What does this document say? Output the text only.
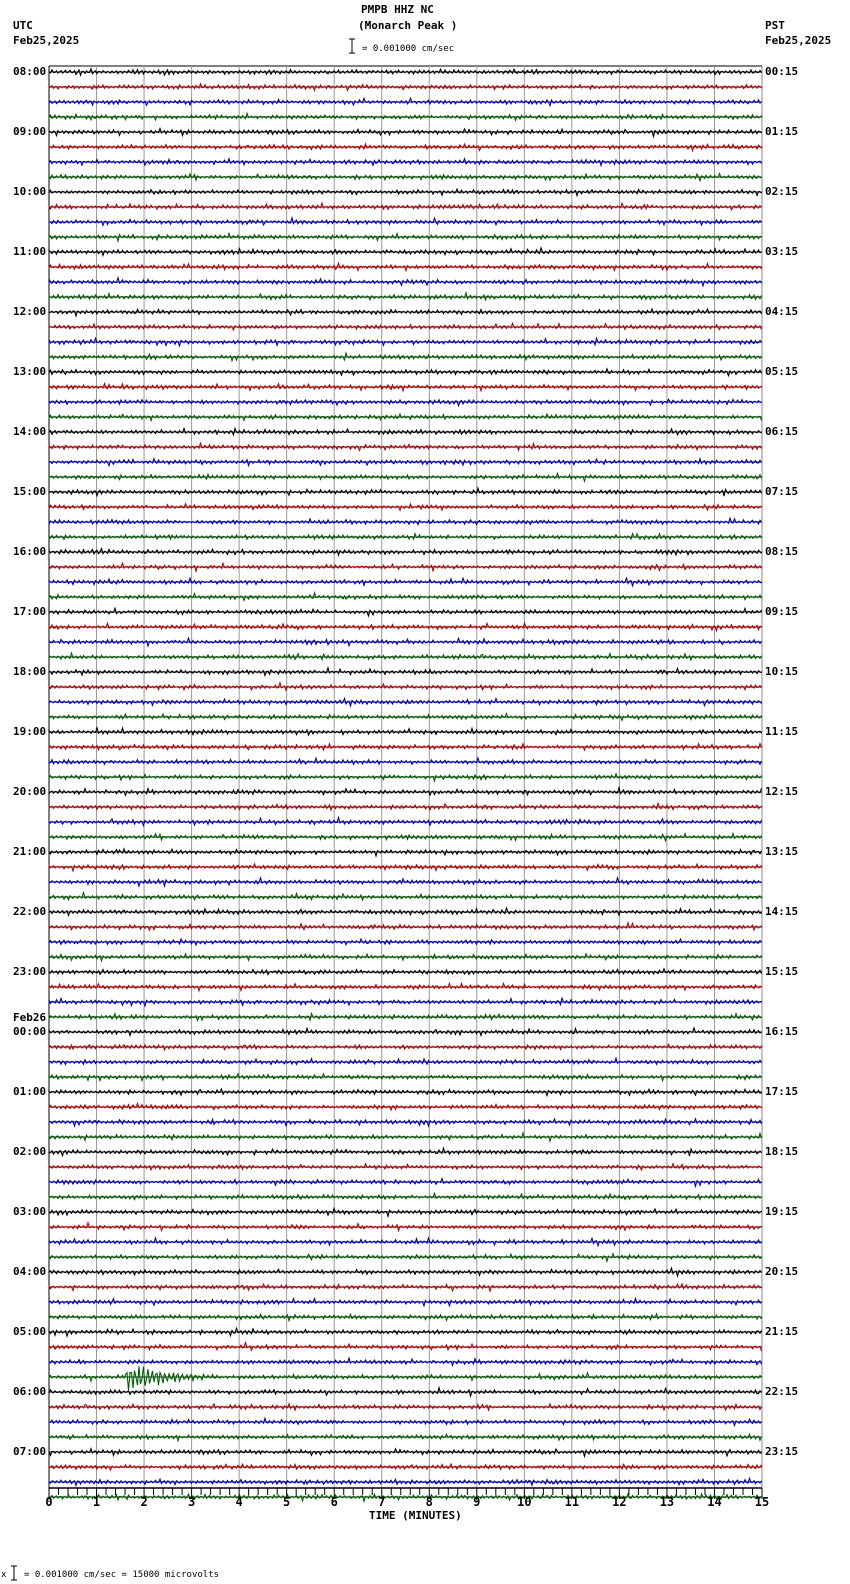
PMPB HHZ NC
(Monarch Peak )
UTC
Feb25,2025
PST
Feb25,2025
= 0.001000 cm/sec
0	1	2	3	4	5	6	7	8	9	10	11	12	13	14	15
08:00
09:00
10:00
11:00
12:00
13:00
14:00
15:00
16:00
17:00
18:00
19:00
20:00
21:00
22:00
23:00
00:00
Feb26
01:00
02:00
03:00
04:00
05:00
06:00
07:00
00:15
01:15
02:15
03:15
04:15
05:15
06:15
07:15
08:15
09:15
10:15
11:15
12:15
13:15
14:15
15:15
16:15
17:15
18:15
19:15
20:15
21:15
22:15
23:15
TIME (MINUTES)
x = 0.001000 cm/sec = 15000 microvolts
